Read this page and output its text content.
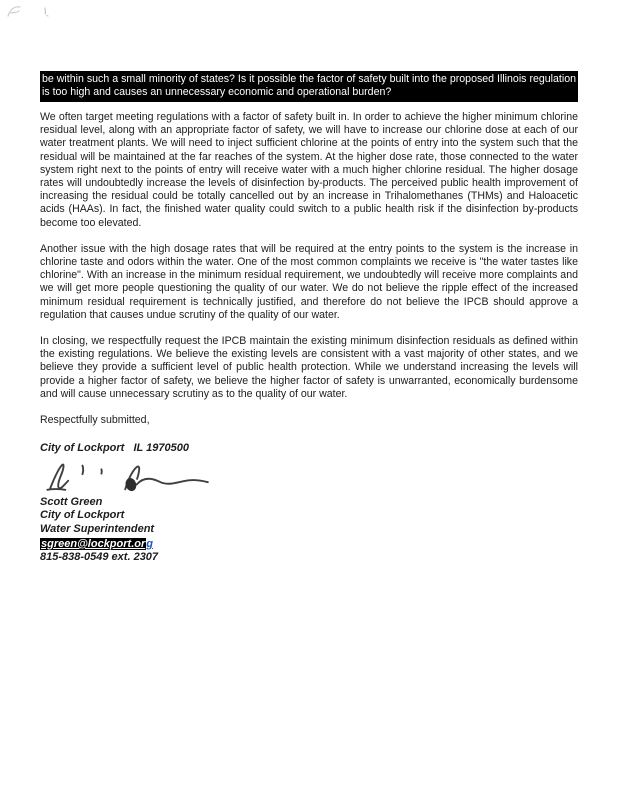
be within such a small minority of states? Is it possible the factor of safety built into the proposed Illinois regulation is too high and causes an unnecessary economic and operational burden?

We often target meeting regulations with a factor of safety built in. In order to achieve the higher minimum chlorine residual level, along with an appropriate factor of safety, we will have to increase our chlorine dose at each of our water treatment plants. We will need to inject sufficient chlorine at the points of entry into the system such that the residual will be maintained at the far reaches of the system. At the higher dose rate, those connected to the water system right next to the points of entry will receive water with a much higher chlorine residual. The higher dosage rates will undoubtedly increase the levels of disinfection by-products. The perceived public health improvement of increasing the residual could be totally cancelled out by an increase in Trihalomethanes (THMs) and Haloacetic acids (HAAs). In fact, the finished water quality could switch to a public health risk if the disinfection by-products become too elevated.

Another issue with the high dosage rates that will be required at the entry points to the system is the increase in chlorine taste and odors within the water. One of the most common complaints we receive is "the water tastes like chlorine". With an increase in the minimum residual requirement, we undoubtedly will receive more complaints and we will get more people questioning the quality of our water. We do not believe the ripple effect of the increased minimum residual requirement is technically justified, and therefore do not believe the IPCB should approve a regulation that causes undue scrutiny of the quality of our water.

In closing, we respectfully request the IPCB maintain the existing minimum disinfection residuals as defined within the existing regulations. We believe the existing levels are consistent with a vast majority of other states, and we believe they provide a sufficient level of public health protection. While we understand increasing the levels will provide a higher factor of safety, we believe the higher factor of safety is unwarranted, economically burdensome and will cause unnecessary scrutiny as to the quality of our water.

Respectfully submitted,
City of Lockport   IL 1970500
Scott Green
City of Lockport
Water Superintendent
sgreen@lockport.org
815-838-0549 ext. 2307
